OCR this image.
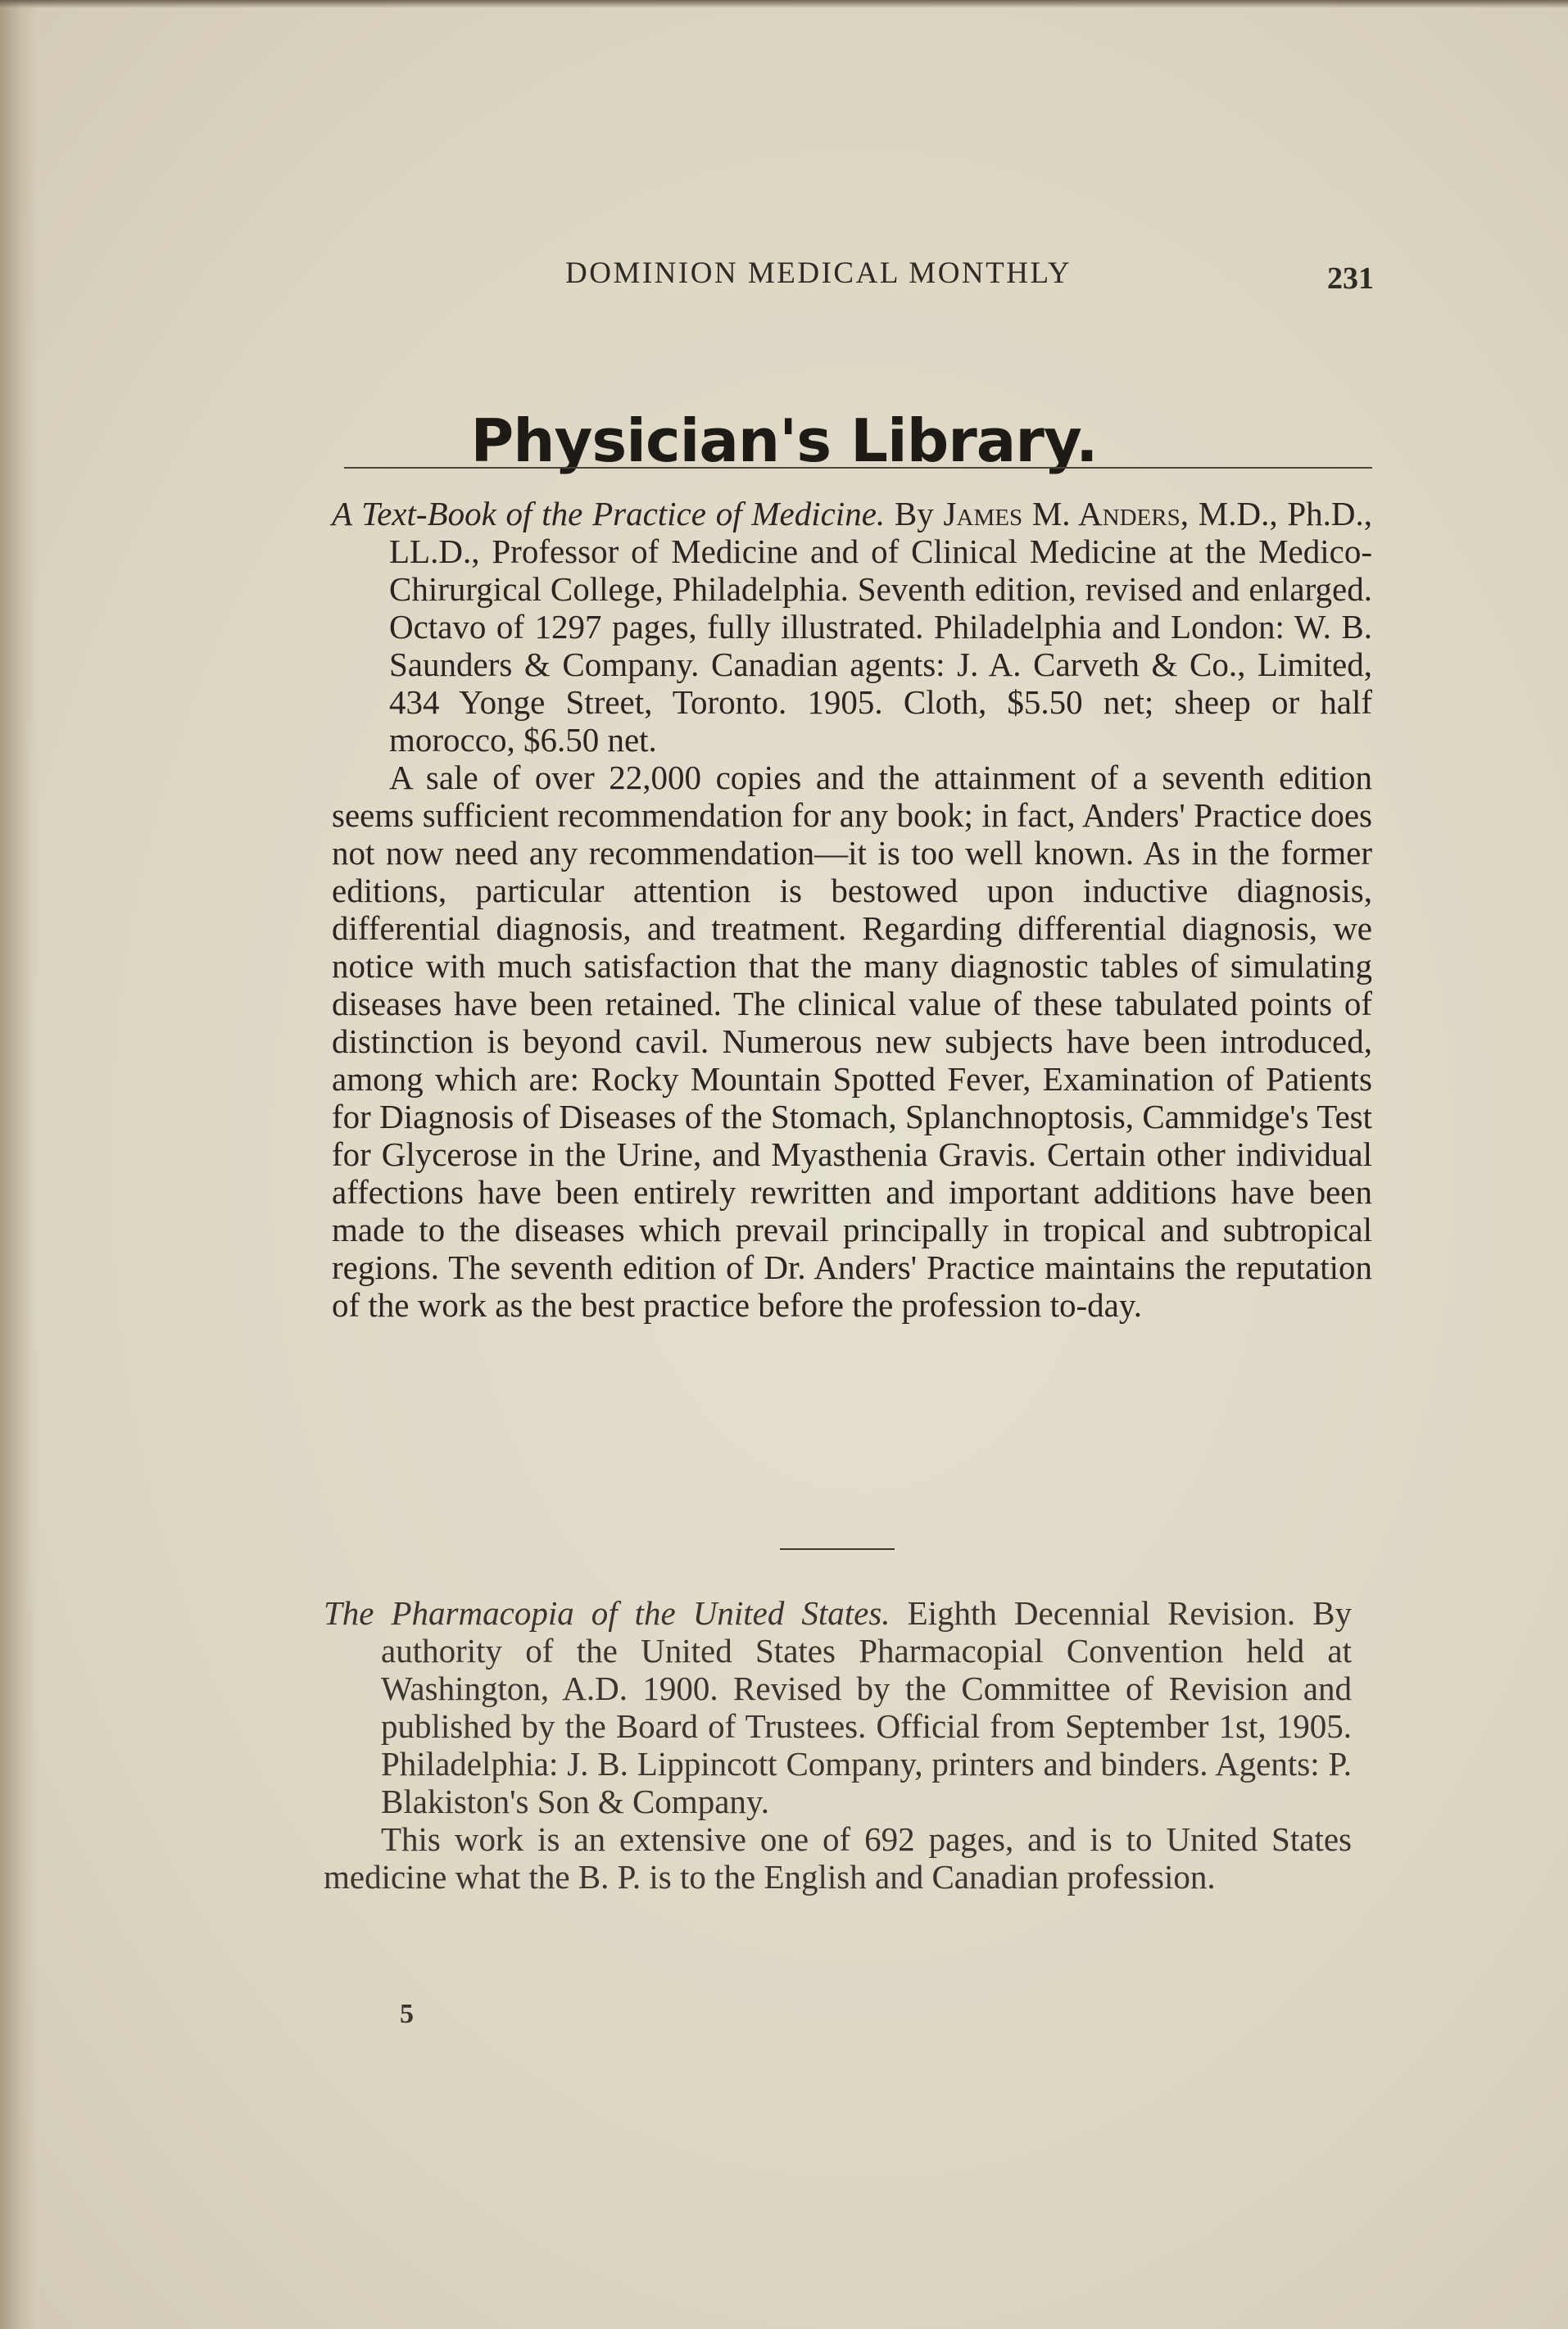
DOMINION MEDICAL MONTHLY	231
Physician's Library.

A Text-Book of the Practice of Medicine. By James M. Anders, M.D., Ph.D., LL.D., Professor of Medicine and of Clinical Medicine at the Medico-Chirurgical College, Philadelphia. Seventh edition, revised and enlarged. Octavo of 1297 pages, fully illustrated. Philadelphia and London: W. B. Saunders & Company. Canadian agents: J. A. Carveth & Co., Limited, 434 Yonge Street, Toronto. 1905. Cloth, $5.50 net; sheep or half morocco, $6.50 net.

A sale of over 22,000 copies and the attainment of a seventh edition seems sufficient recommendation for any book; in fact, Anders' Practice does not now need any recommendation—it is too well known. As in the former editions, particular attention is bestowed upon inductive diagnosis, differential diagnosis, and treatment. Regarding differential diagnosis, we notice with much satisfaction that the many diagnostic tables of simulating diseases have been retained. The clinical value of these tabulated points of distinction is beyond cavil. Numerous new subjects have been introduced, among which are: Rocky Mountain Spotted Fever, Examination of Patients for Diagnosis of Diseases of the Stomach, Splanchnoptosis, Cammidge's Test for Glycerose in the Urine, and Myasthenia Gravis. Certain other individual affections have been entirely rewritten and important additions have been made to the diseases which prevail principally in tropical and subtropical regions. The seventh edition of Dr. Anders' Practice maintains the reputation of the work as the best practice before the profession to-day.

The Pharmacopia of the United States. Eighth Decennial Revision. By authority of the United States Pharmacopial Convention held at Washington, A.D. 1900. Revised by the Committee of Revision and published by the Board of Trustees. Official from September 1st, 1905. Philadelphia: J. B. Lippincott Company, printers and binders. Agents: P. Blakiston's Son & Company.

This work is an extensive one of 692 pages, and is to United States medicine what the B. P. is to the English and Canadian profession.

5
